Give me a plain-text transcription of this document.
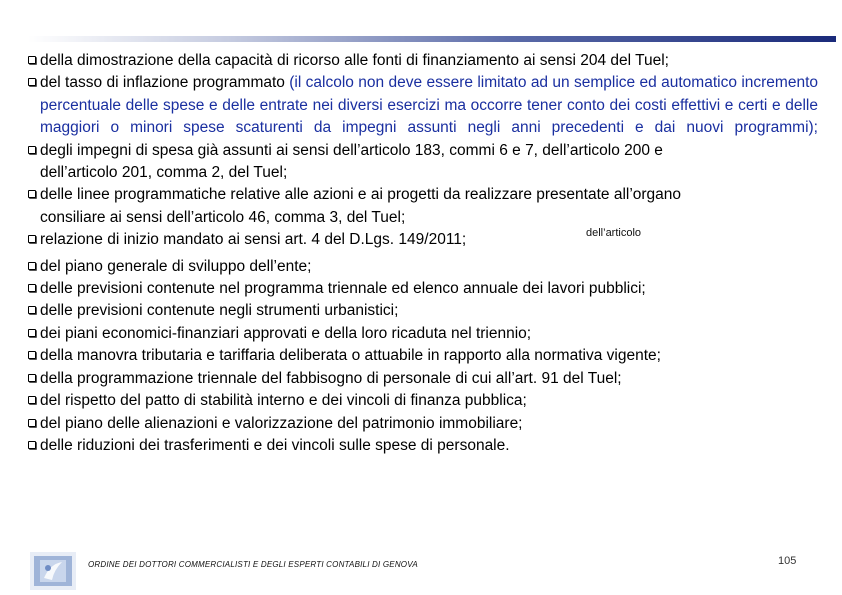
della dimostrazione della capacità di ricorso alle fonti di finanziamento ai sensi 204 del Tuel;
del tasso di inflazione programmato (il calcolo non deve essere limitato ad un semplice ed automatico incremento percentuale delle spese e delle entrate nei diversi esercizi ma occorre tener conto dei costi effettivi e certi e delle maggiori o minori spese scaturenti da impegni assunti negli anni precedenti e dai nuovi programmi);
degli impegni di spesa già assunti ai sensi dell’articolo 183, commi 6 e 7, dell’articolo 200 e
dell’articolo 201, comma 2, del Tuel;
delle linee programmatiche relative alle azioni e ai progetti da realizzare presentate all’organo
consiliare ai sensi dell’articolo 46, comma 3, del Tuel;
relazione di inizio mandato ai sensi art. 4 del D.Lgs. 149/2011;
del piano generale di sviluppo dell’ente;
delle previsioni contenute nel programma triennale ed elenco annuale dei lavori pubblici;
delle previsioni contenute negli strumenti urbanistici;
dei piani economici-finanziari approvati e della loro ricaduta nel triennio;
della manovra tributaria e tariffaria deliberata o attuabile in rapporto alla normativa vigente;
della programmazione triennale del fabbisogno di personale di cui all’art. 91 del Tuel;
del rispetto del patto di stabilità interno e dei vincoli di finanza pubblica;
del piano delle alienazioni e valorizzazione del patrimonio immobiliare;
delle riduzioni dei trasferimenti e dei vincoli sulle spese di personale.
dell’articolo
ORDINE DEI DOTTORI COMMERCIALISTI E DEGLI ESPERTI CONTABILI DI GENOVA	105
